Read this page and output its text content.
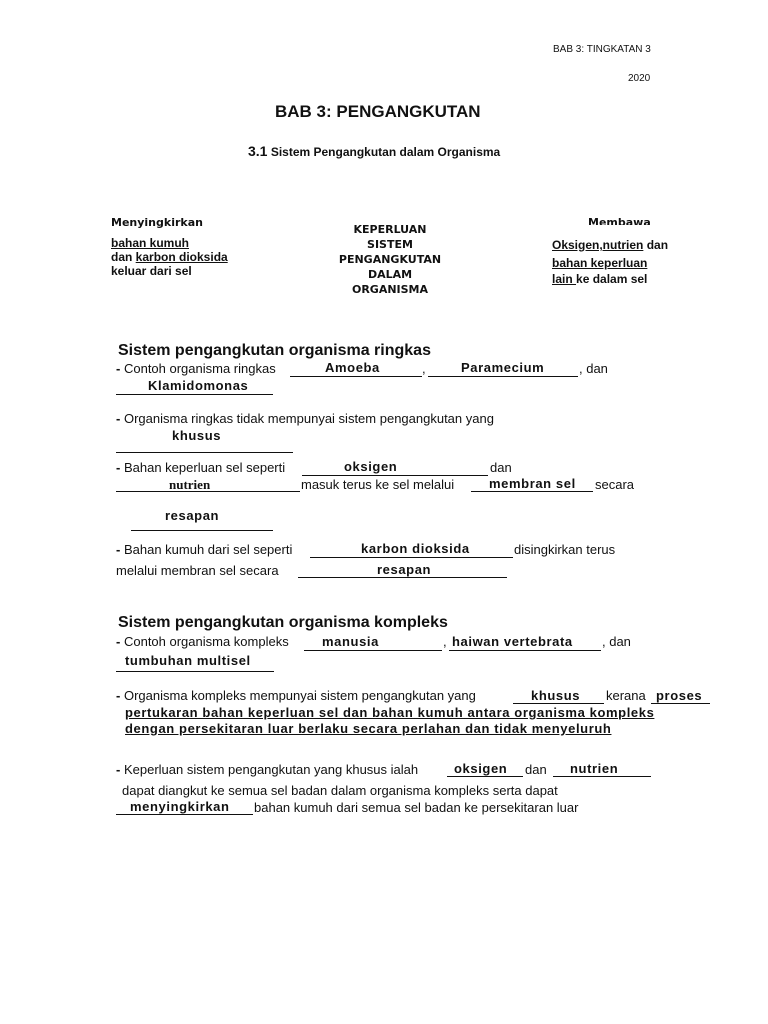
BAB 3: TINGKATAN 3
2020
BAB 3: PENGANGKUTAN
3.1 Sistem Pengangkutan dalam Organisma
Menyingkirkan
bahan kumuh
dan karbon dioksida
keluar dari sel
KEPERLUAN
SISTEM
PENGANGKUTAN
DALAM
ORGANISMA
Membawa
Oksigen,nutrien dan
bahan keperluan
lain ke dalam sel
Sistem pengangkutan organisma ringkas
- Contoh organisma ringkas	Amoeba	,	Paramecium	, dan
Klamidomonas
- Organisma ringkas tidak mempunyai sistem pengangkutan yang
khusus
- Bahan keperluan sel seperti	oksigen	dan
nutrien	masuk terus ke sel melalui	membran sel secara
resapan
- Bahan kumuh dari sel seperti	karbon dioksida	disingkirkan terus
melalui membran sel secara	resapan
Sistem pengangkutan organisma kompleks
- Contoh organisma kompleks	manusia	, haiwan vertebrata , dan
tumbuhan multisel
- Organisma kompleks mempunyai sistem pengangkutan yang	khusus kerana proses
pertukaran bahan keperluan sel dan bahan kumuh antara organisma kompleks
dengan persekitaran luar berlaku secara perlahan dan tidak menyeluruh
- Keperluan sistem pengangkutan yang khusus ialah	oksigen dan nutrien
dapat diangkut ke semua sel badan dalam organisma kompleks serta dapat
menyingkirkan bahan kumuh dari semua sel badan ke persekitaran luar
